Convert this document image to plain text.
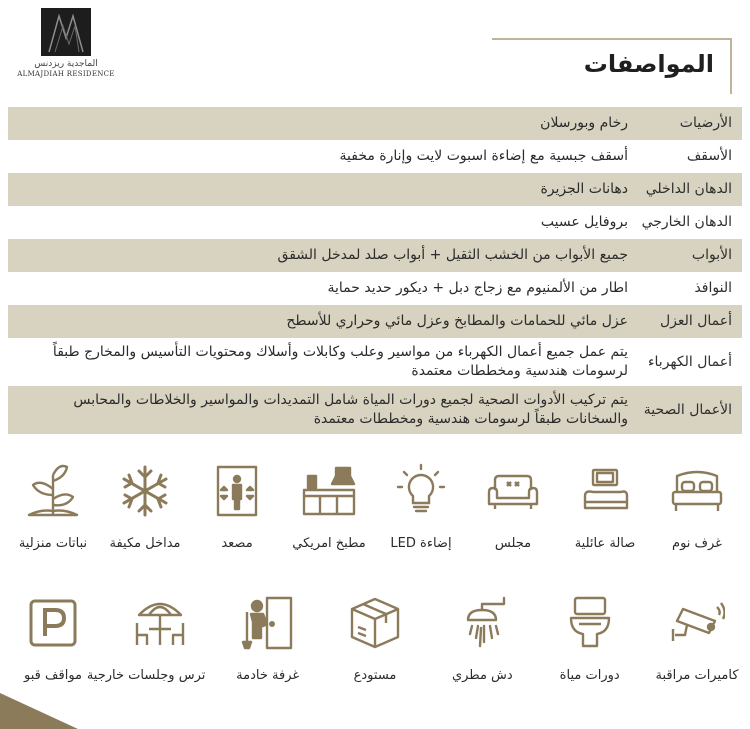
الماجدية ريزدنس
ALMAJDIAH RESIDENCE	المواصفات
الأرضيات
رخام وبورسلان
الأسقف
أسقف جبسية مع إضاءة اسبوت لايت وإنارة مخفية
الدهان الداخلي
دهانات الجزيرة
الدهان الخارجي
بروفايل عسيب
الأبواب
جميع الأبواب من الخشب الثقيل + أبواب صلد لمدخل الشقق
النوافذ
اطار من الألمنيوم مع زجاج دبل + ديكور حديد حماية
أعمال العزل
عزل مائي للحمامات والمطابخ وعزل مائي وحراري للأسطح
أعمال الكهرباء
يتم عمل جميع أعمال الكهرباء من مواسير وعلب وكابلات وأسلاك ومحتويات التأسيس والمخارج طبقاً لرسومات هندسية ومخططات معتمدة
الأعمال الصحية
يتم تركيب الأدوات الصحية لجميع دورات المياة شامل التمديدات والمواسير والخلاطات والمحابس والسخانات طبقاً لرسومات هندسية ومخططات معتمدة
غرف نوم
صالة عائلية
مجلس
إضاءة LED
مطبخ امريكي
مصعد
مداخل مكيفة
نباتات منزلية
كاميرات مراقبة
دورات مياة
دش مطري
مستودع
غرفة خادمة
ترس وجلسات خارجية
مواقف قبو
